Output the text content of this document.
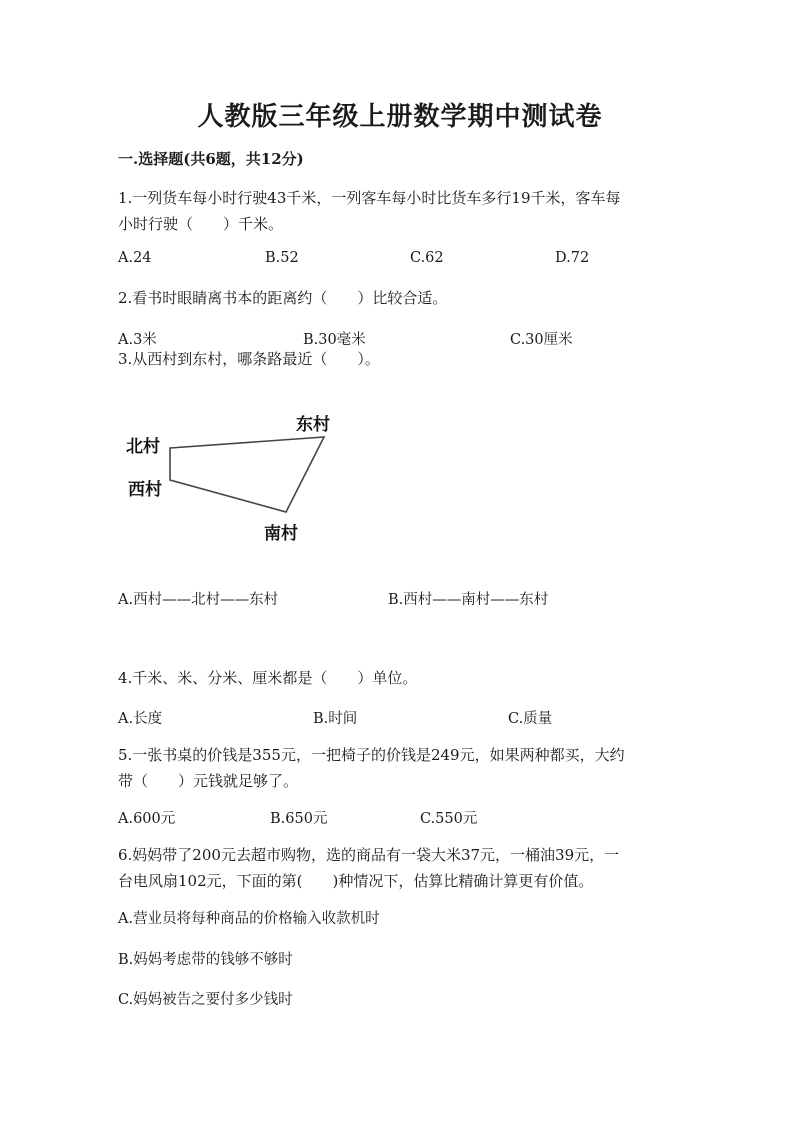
人教版三年级上册数学期中测试卷
一.选择题(共6题，共12分)
1.一列货车每小时行驶43千米，一列客车每小时比货车多行19千米，客车每
小时行驶（　　）千米。
A.24	B.52	C.62	D.72
2.看书时眼睛离书本的距离约（　　）比较合适。
A.3米	B.30毫米	C.30厘米
3.从西村到东村，哪条路最近（　　）。
北村
东村
西村
南村
A.西村——北村——东村	B.西村——南村——东村
4.千米、米、分米、厘米都是（　　）单位。
A.长度	B.时间	C.质量
5.一张书桌的价钱是355元，一把椅子的价钱是249元，如果两种都买，大约
带（　　）元钱就足够了。
A.600元	B.650元	C.550元
6.妈妈带了200元去超市购物，选的商品有一袋大米37元，一桶油39元，一
台电风扇102元，下面的第(　　)种情况下，估算比精确计算更有价值。
A.营业员将每种商品的价格输入收款机时
B.妈妈考虑带的钱够不够时
C.妈妈被告之要付多少钱时
